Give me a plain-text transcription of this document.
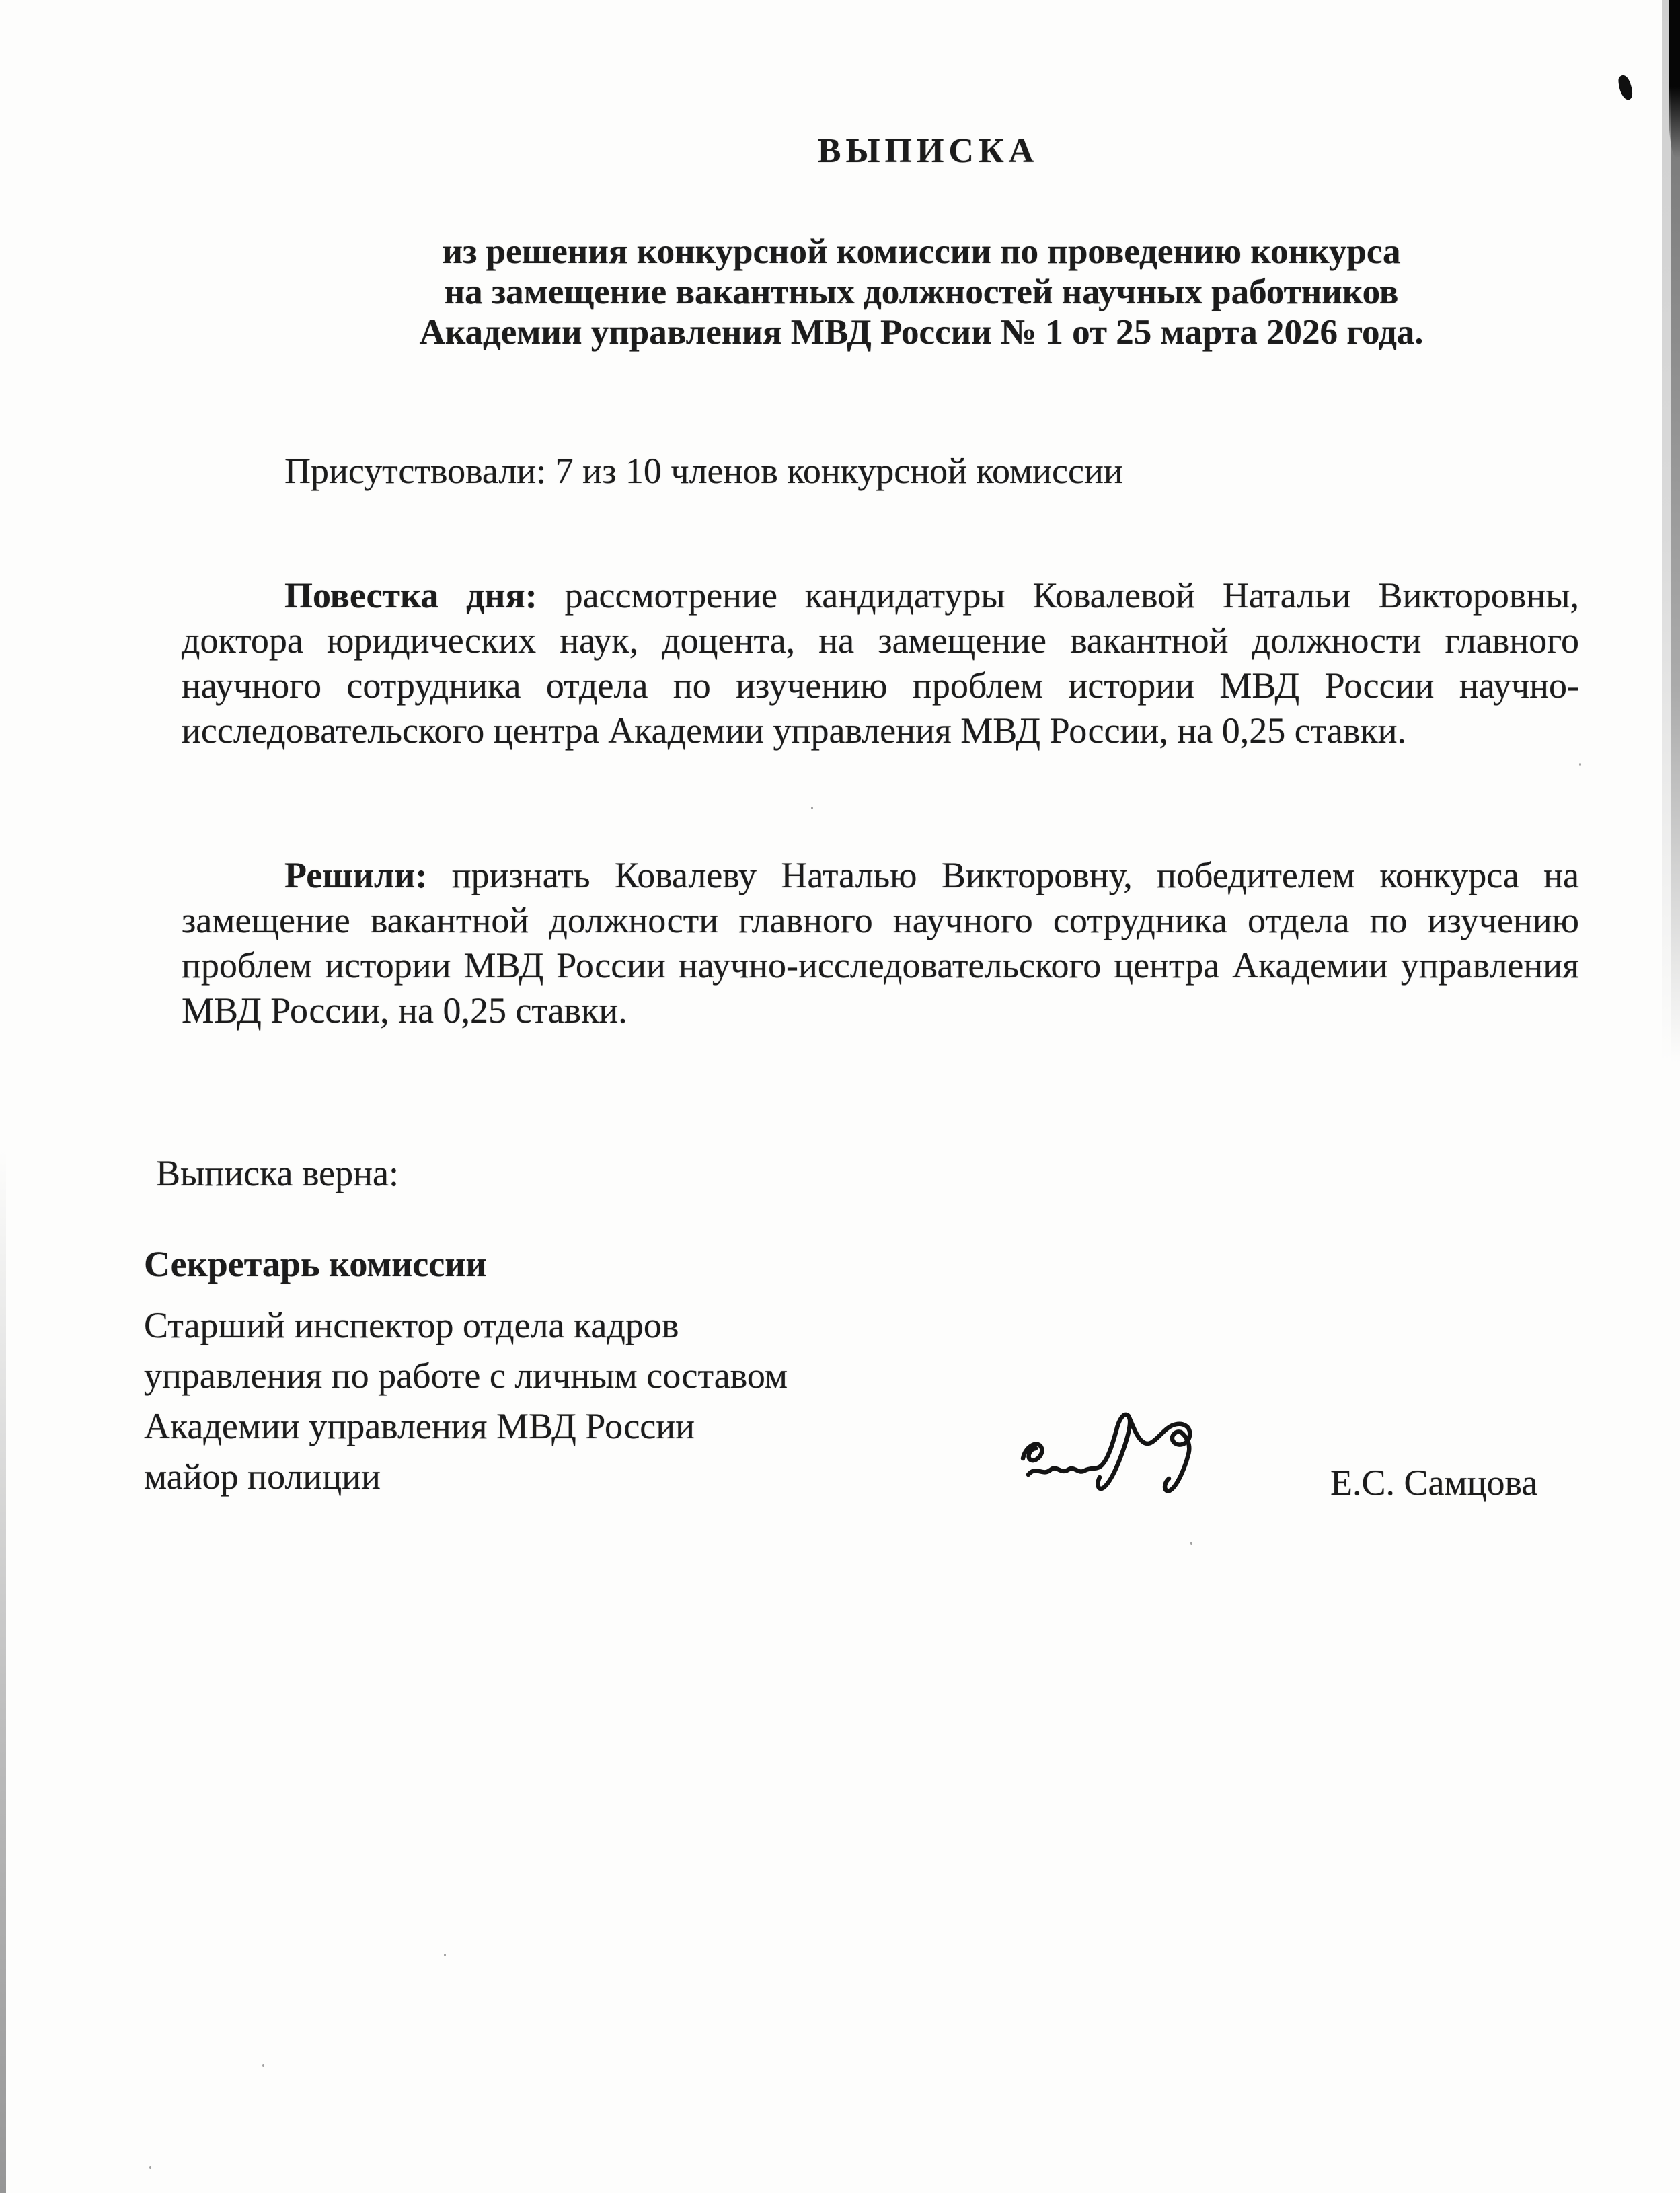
ВЫПИСКА
из решения конкурсной комиссии по проведению конкурса
на замещение вакантных должностей научных работников
Академии управления МВД России № 1 от 25 марта 2026 года.
Присутствовали: 7 из 10 членов конкурсной комиссии

Повестка дня: рассмотрение кандидатуры Ковалевой Натальи Викторовны, доктора юридических наук, доцента, на замещение вакантной должности главного научного сотрудника отдела по изучению проблем истории МВД России научно-исследовательского центра Академии управления МВД России, на 0,25 ставки.

Решили: признать Ковалеву Наталью Викторовну, победителем конкурса на замещение вакантной должности главного научного сотрудника отдела по изучению проблем истории МВД России научно-исследовательского центра Академии управления МВД России, на 0,25 ставки.

Выписка верна:
Секретарь комиссии
Старший инспектор отдела кадров
управления по работе с личным составом
Академии управления МВД России
майор полиции	Е.С. Самцова
